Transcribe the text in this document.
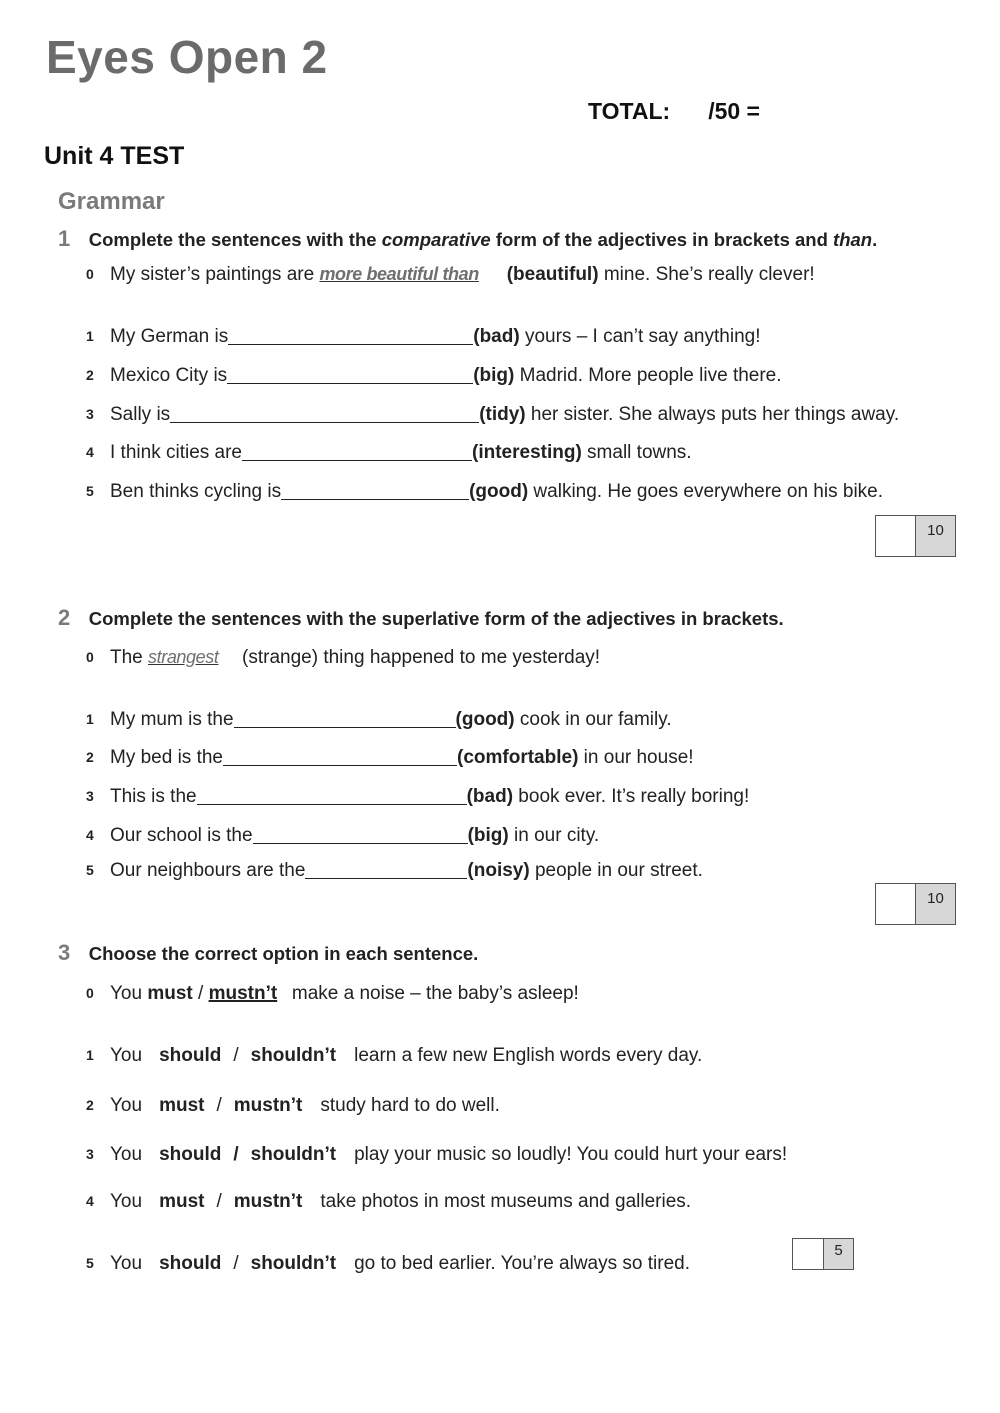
Eyes Open 2
TOTAL: /50 =
Unit 4 TEST
Grammar
1 Complete the sentences with the comparative form of the adjectives in brackets and than.
0 My sister’s paintings are more beautiful than (beautiful) mine. She’s really clever!
1 My German is	(bad) yours – I can’t say anything!
2 Mexico City is	(big) Madrid. More people live there.
3 Sally is	(tidy) her sister. She always puts her things away.
4 I think cities are	(interesting) small towns.
5 Ben thinks cycling is	(good) walking. He goes everywhere on his bike.
10
2 Complete the sentences with the superlative form of the adjectives in brackets.
0 The strangest (strange) thing happened to me yesterday!
1 My mum is the	(good) cook in our family.
2 My bed is the	(comfortable) in our house!
3 This is the	(bad) book ever. It’s really boring!
4 Our school is the	(big) in our city.
5 Our neighbours are the	(noisy) people in our street.
10
3 Choose the correct option in each sentence.
0 You must / mustn’t make a noise – the baby’s asleep!
1 You should / shouldn’t learn a few new English words every day.
2 You must / mustn’t study hard to do well.
3 You should / shouldn’t play your music so loudly! You could hurt your ears!
4 You must / mustn’t take photos in most museums and galleries.
5 You should / shouldn’t go to bed earlier. You’re always so tired.
5
